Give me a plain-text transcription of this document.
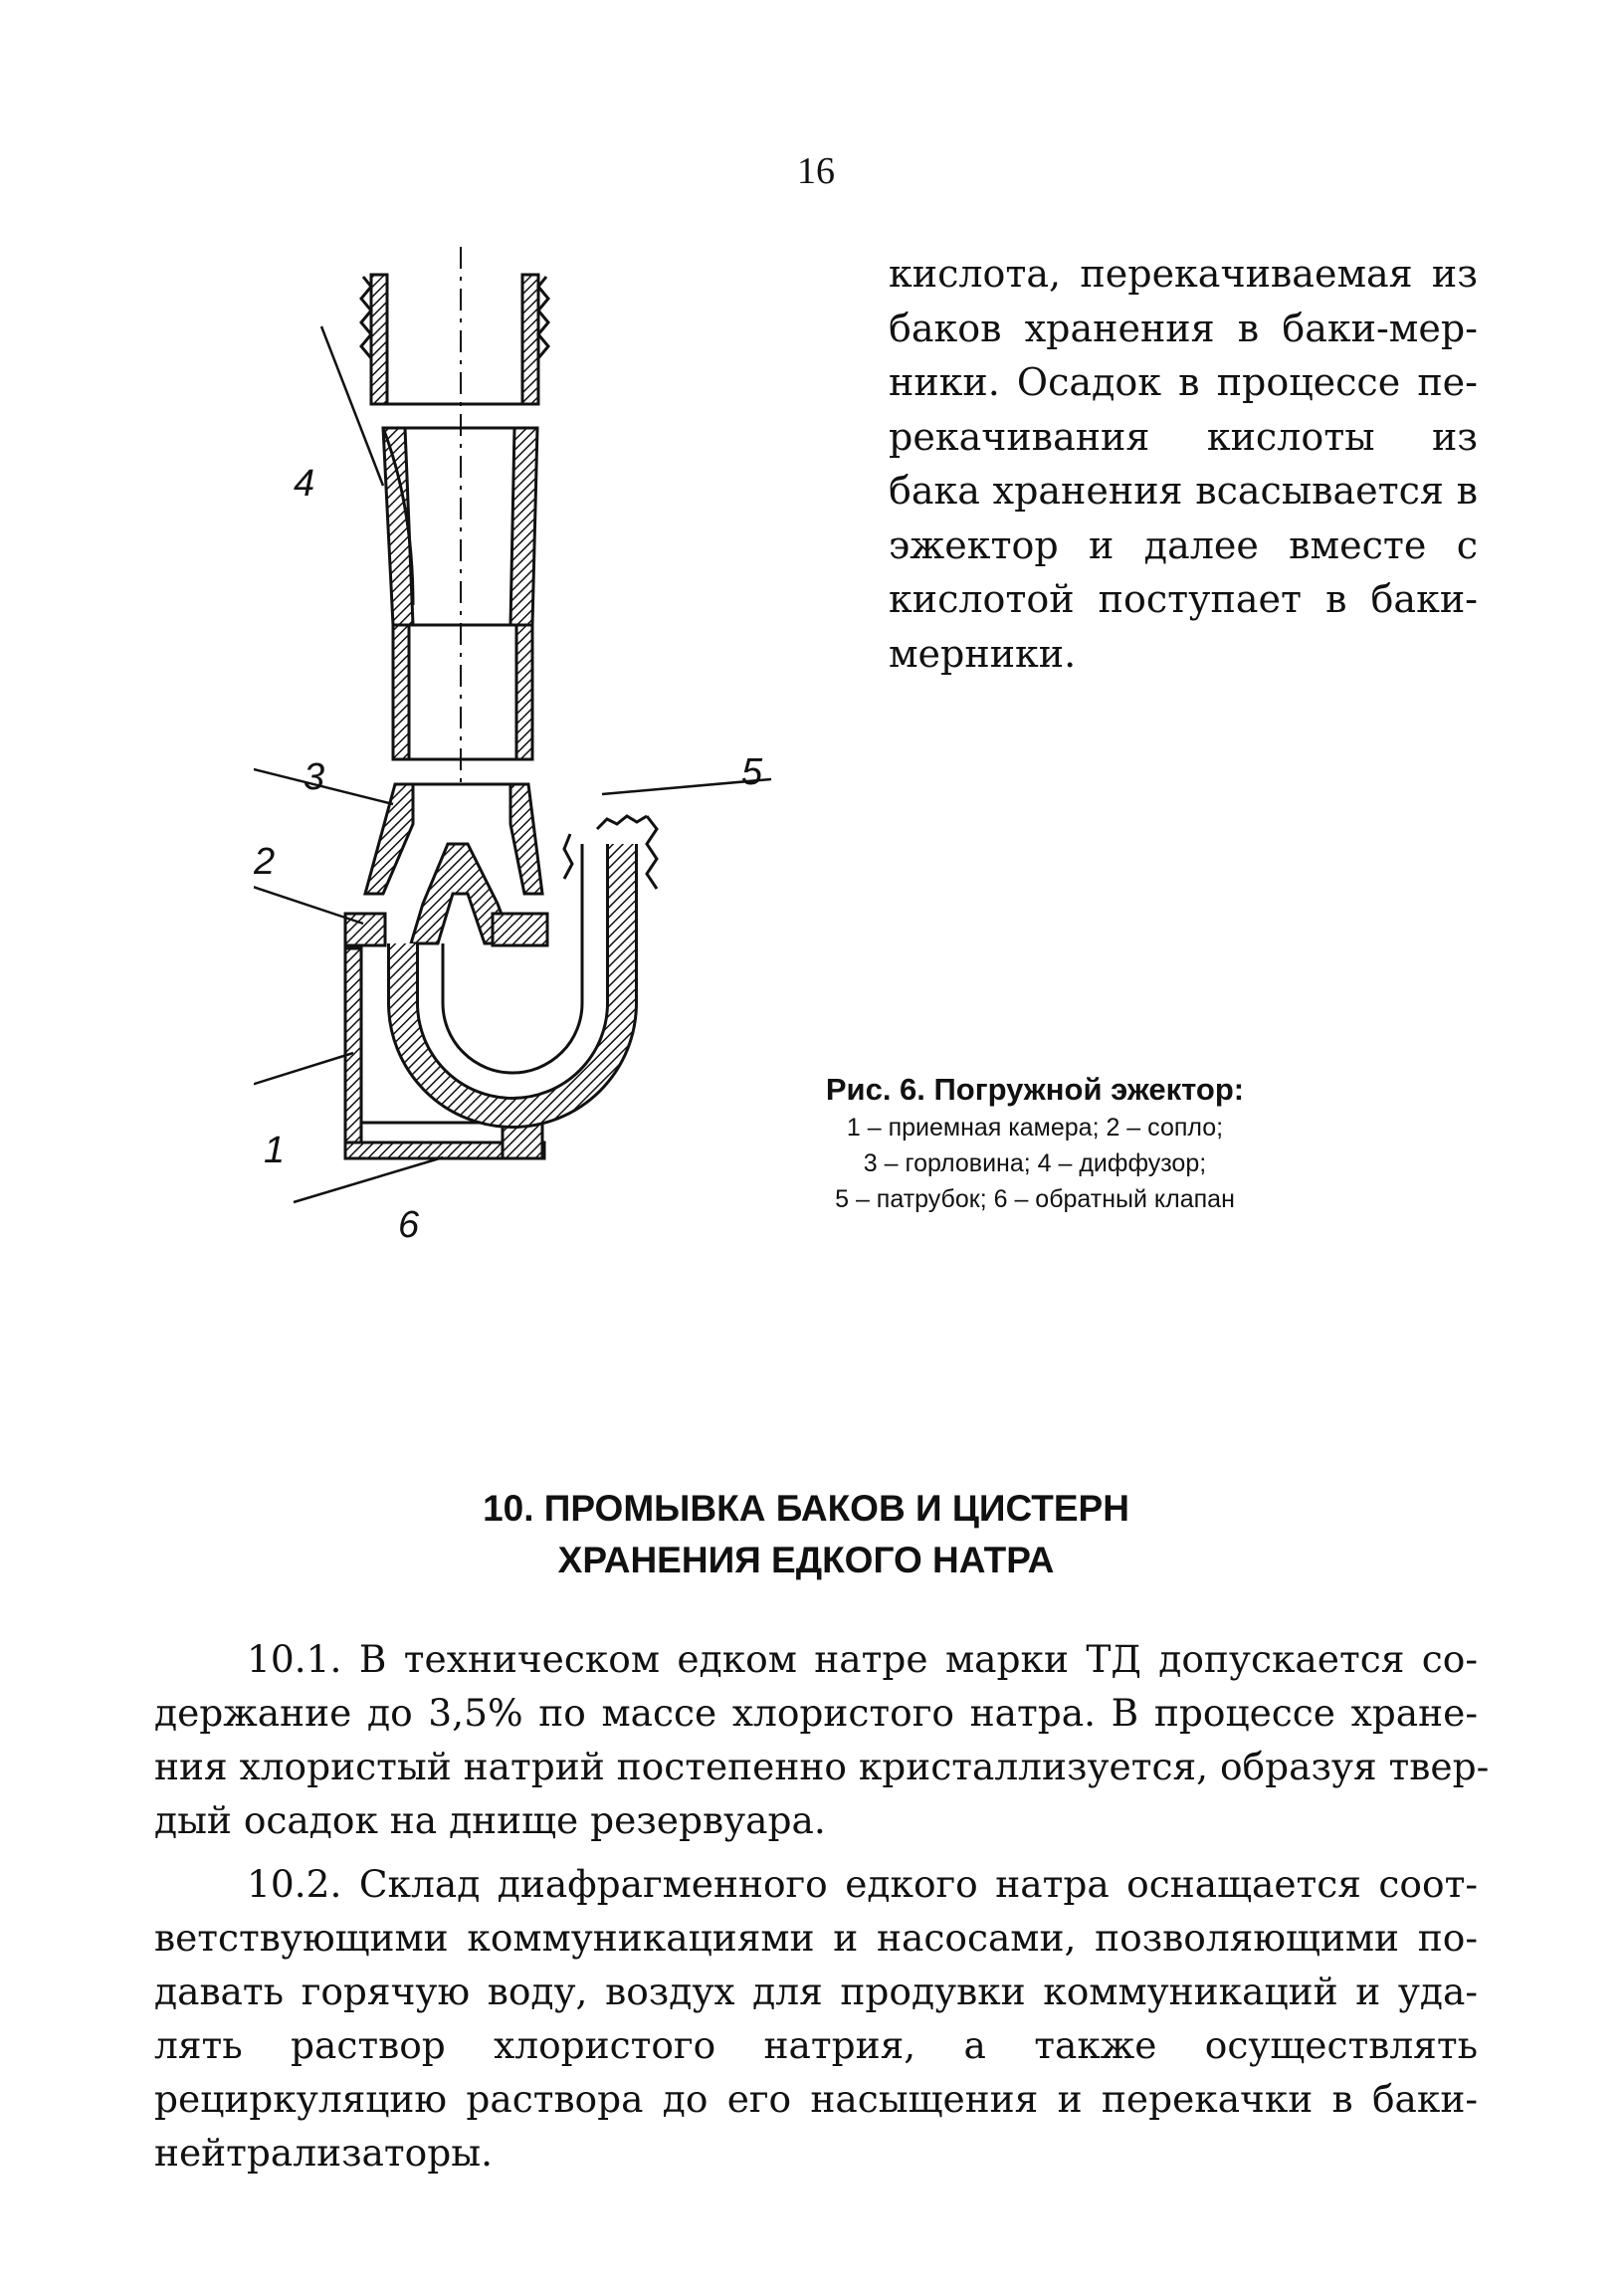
16
кислота, перекачиваемая из
баков хранения в баки-мер-
ники. Осадок в процессе пе-
рекачивания кислоты из
бака хранения всасывается в
эжектор и далее вместе с
кислотой поступает в баки-
мерники.
4
3
2
1
5
6
Рис. 6. Погружной эжектор:
1 – приемная камера; 2 – сопло;
3 – горловина; 4 – диффузор;
5 – патрубок; 6 – обратный клапан
10. ПРОМЫВКА БАКОВ И ЦИСТЕРН
ХРАНЕНИЯ ЕДКОГО НАТРА
10.1. В техническом едком натре марки ТД допускается со-
держание до 3,5% по массе хлористого натра. В процессе хране-
ния хлористый натрий постепенно кристаллизуется, образуя твер-
дый осадок на днище резервуара.
10.2. Склад диафрагменного едкого натра оснащается соот-
ветствующими коммуникациями и насосами, позволяющими по-
давать горячую воду, воздух для продувки коммуникаций и уда-
лять раствор хлористого натрия, а также осуществлять
рециркуляцию раствора до его насыщения и перекачки в баки-
нейтрализаторы.
